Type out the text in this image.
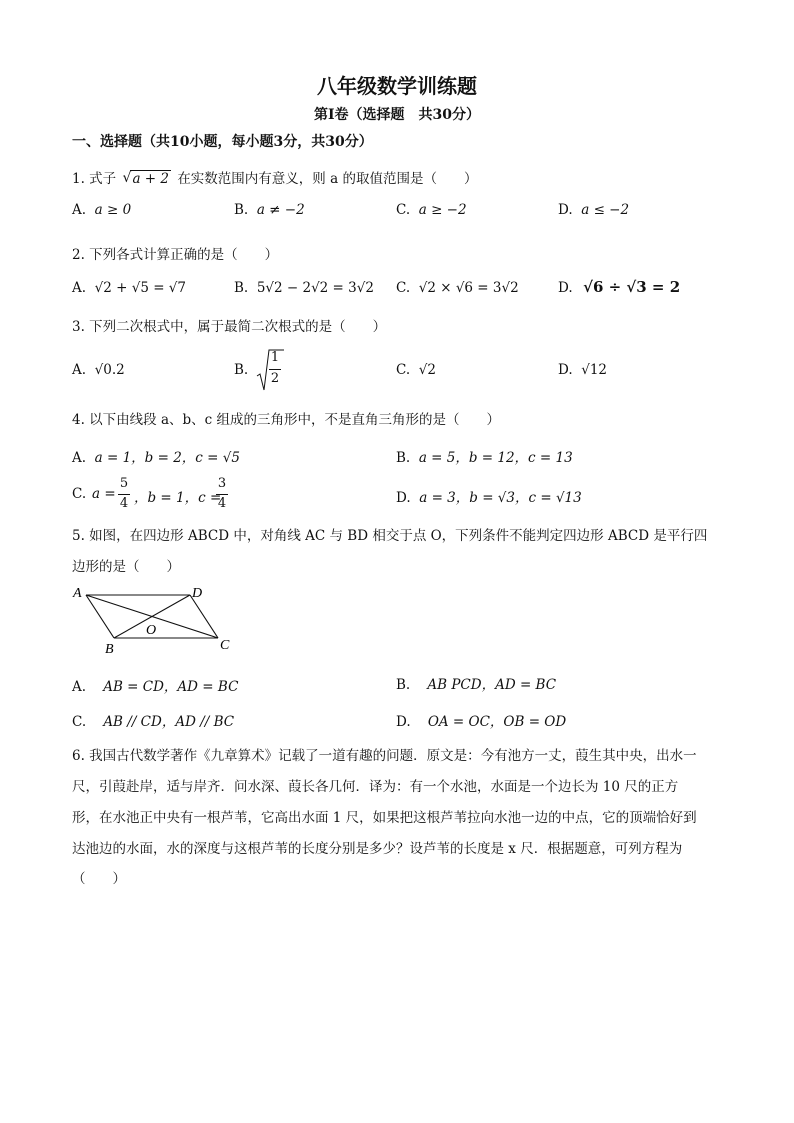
八年级数学训练题
第Ⅰ卷（选择题　共30分）
一、选择题（共10小题，每小题3分，共30分）
1. 式子 √ a + 2 在实数范围内有意义，则 a 的取值范围是（　　）
A. a ≥ 0	B. a ≠ −2	C. a ≥ −2	D. a ≤ −2
2. 下列各式计算正确的是（　　）
A. √2 + √5 = √7	B. 5√2 − 2√2 = 3√2 C. √2 × √6 = 3√2	D. √6 ÷ √3 = 2
3. 下列二次根式中，属于最简二次根式的是（　　）
A. √0.2	B.
1
2
C. √2	D. √12
4. 以下由线段 a、b、c 组成的三角形中，不是直角三角形的是（　　）
A. a = 1，b = 2，c = √5	B. a = 5，b = 12，c = 13
C. a =
5
4 ，b = 1，c =
3
4	D. a = 3，b = √3，c = √13
5. 如图，在四边形 ABCD 中，对角线 AC 与 BD 相交于点 O，下列条件不能判定四边形 ABCD 是平行四
边形的是（　　）
A	D
B	C
O
A. AB = CD，AD = BC	B. AB PCD，AD = BC
C. AB // CD，AD // BC	D. OA = OC，OB = OD
6. 我国古代数学著作《九章算术》记载了一道有趣的问题．原文是：今有池方一丈，葭生其中央，出水一
尺，引葭赴岸，适与岸齐．问水深、葭长各几何．译为：有一个水池，水面是一个边长为 10 尺的正方
形，在水池正中央有一根芦苇，它高出水面 1 尺，如果把这根芦苇拉向水池一边的中点，它的顶端恰好到
达池边的水面，水的深度与这根芦苇的长度分别是多少？设芦苇的长度是 x 尺．根据题意，可列方程为
（　　）
